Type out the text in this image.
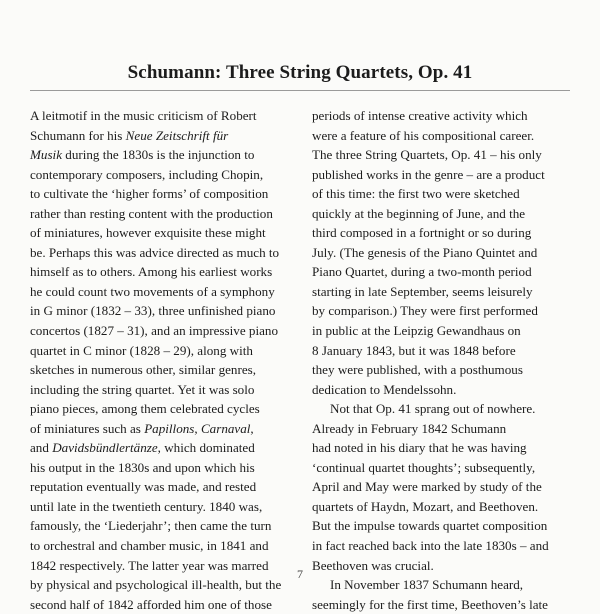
Schumann: Three String Quartets, Op. 41
A leitmotif in the music criticism of Robert
Schumann for his Neue Zeitschrift für
Musik during the 1830s is the injunction to
contemporary composers, including Chopin,
to cultivate the ‘higher forms’ of composition
rather than resting content with the production
of miniatures, however exquisite these might
be. Perhaps this was advice directed as much to
himself as to others. Among his earliest works
he could count two movements of a symphony
in G minor (1832 – 33), three unfinished piano
concertos (1827 – 31), and an impressive piano
quartet in C minor (1828 – 29), along with
sketches in numerous other, similar genres,
including the string quartet. Yet it was solo
piano pieces, among them celebrated cycles
of miniatures such as Papillons, Carnaval,
and Davidsbündlertänze, which dominated
his output in the 1830s and upon which his
reputation eventually was made, and rested
until late in the twentieth century. 1840 was,
famously, the ‘Liederjahr’; then came the turn
to orchestral and chamber music, in 1841 and
1842 respectively. The latter year was marred
by physical and psychological ill-health, but the
second half of 1842 afforded him one of those
periods of intense creative activity which
were a feature of his compositional career.
The three String Quartets, Op. 41 – his only
published works in the genre – are a product
of this time: the first two were sketched
quickly at the beginning of June, and the
third composed in a fortnight or so during
July. (The genesis of the Piano Quintet and
Piano Quartet, during a two-month period
starting in late September, seems leisurely
by comparison.) They were first performed
in public at the Leipzig Gewandhaus on
8 January 1843, but it was 1848 before
they were published, with a posthumous
dedication to Mendelssohn.
Not that Op. 41 sprang out of nowhere.
Already in February 1842 Schumann
had noted in his diary that he was having
‘continual quartet thoughts’; subsequently,
April and May were marked by study of the
quartets of Haydn, Mozart, and Beethoven.
But the impulse towards quartet composition
in fact reached back into the late 1830s – and
Beethoven was crucial.
In November 1837 Schumann heard,
seemingly for the first time, Beethoven’s late
7
